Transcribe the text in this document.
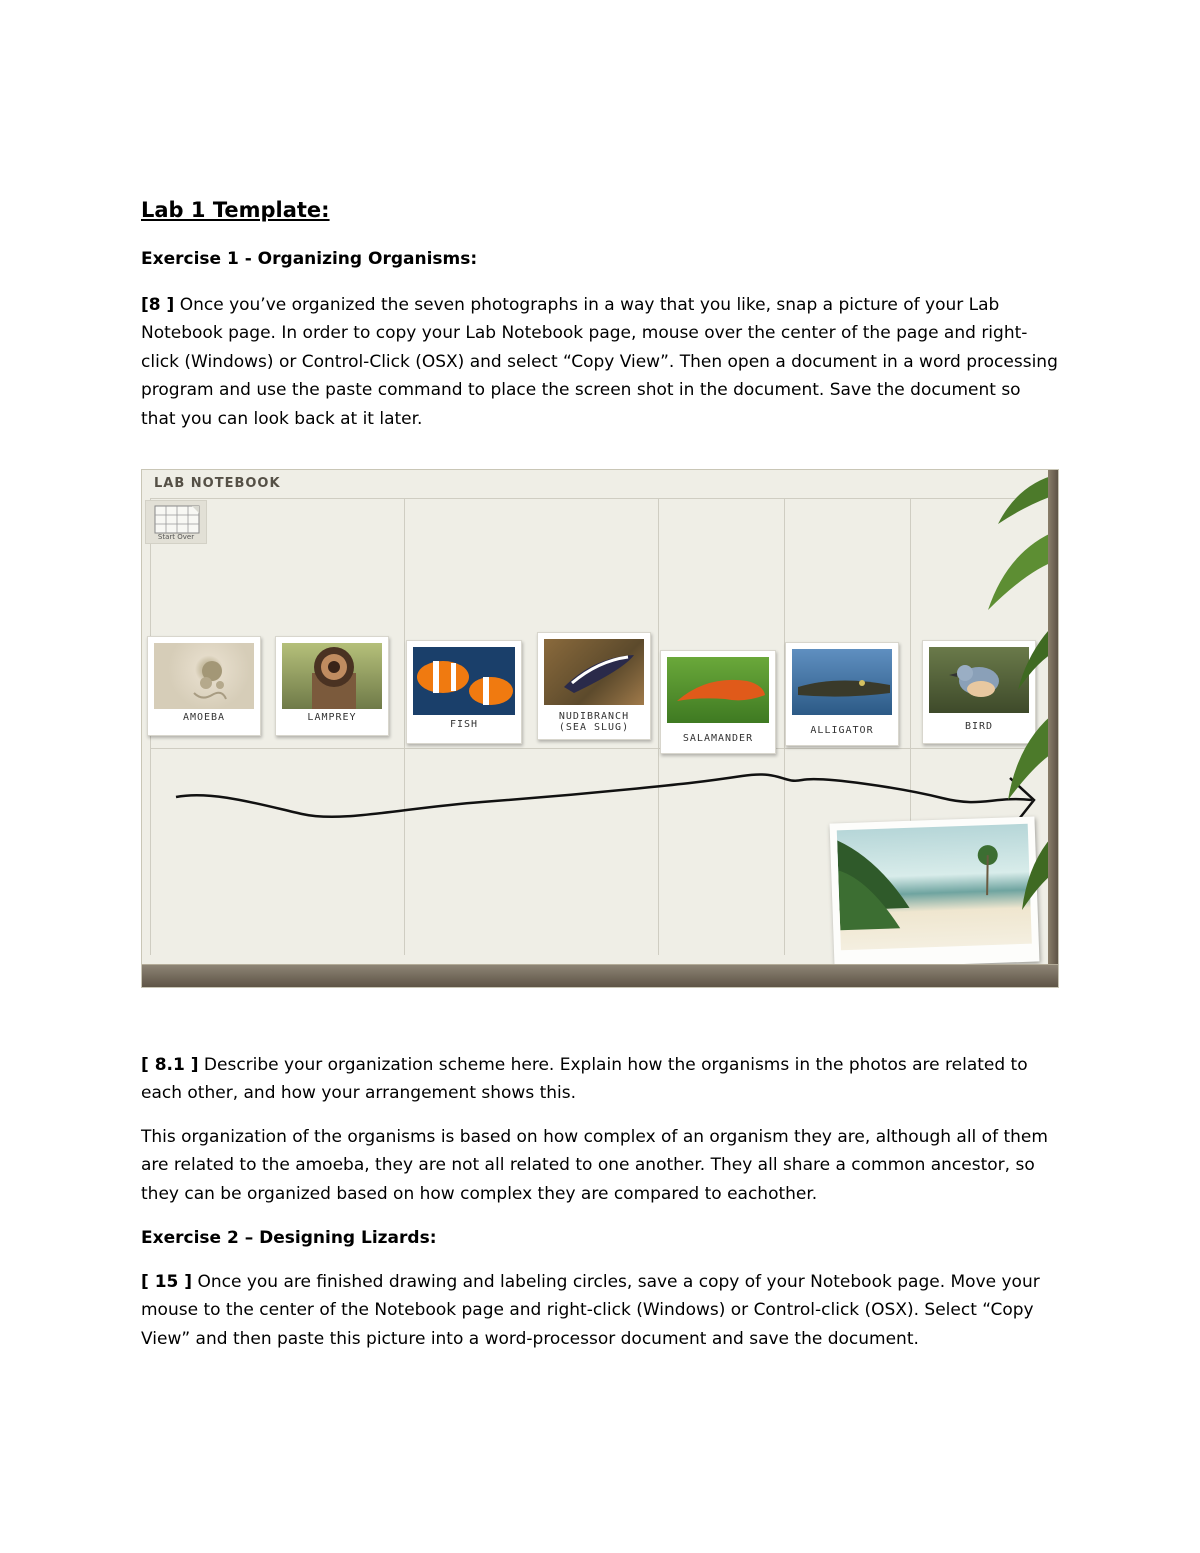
Lab 1 Template:
Exercise 1 - Organizing Organisms:

[8 ] Once you’ve organized the seven photographs in a way that you like, snap a picture of your Lab Notebook page. In order to copy your Lab Notebook page, mouse over the center of the page and right-click (Windows) or Control-Click (OSX) and select “Copy View”. Then open a document in a word processing program and use the paste command to place the screen shot in the document. Save the document so that you can look back at it later.

[ 8.1 ] Describe your organization scheme here. Explain how the organisms in the photos are related to each other, and how your arrangement shows this.

This organization of the organisms is based on how complex of an organism they are, although all of them are related to the amoeba, they are not all related to one another. They all share a common ancestor, so they can be organized based on how complex they are compared to eachother.

Exercise 2 – Designing Lizards:

[ 15 ] Once you are finished drawing and labeling circles, save a copy of your Notebook page. Move your mouse to the center of the Notebook page and right-click (Windows) or Control-click (OSX). Select “Copy View” and then paste this picture into a word-processor document and save the document.

LAB NOTEBOOK
Start Over
AMOEBA	LAMPREY
FISH
NUDIBRANCH
(SEA SLUG)
SALAMANDER
ALLIGATOR	BIRD
